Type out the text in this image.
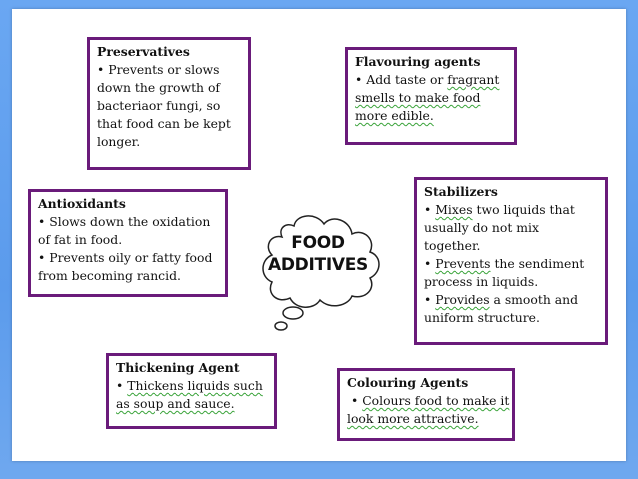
Preservatives
• Prevents or slows
down the growth of
bacteriaor fungi, so
that food can be kept
longer.
Flavouring agents
• Add taste or fragrant
smells to make food
more edible.
Antioxidants
• Slows down the oxidation
of fat in food.
• Prevents oily or fatty food
from becoming rancid.
Stabilizers
• Mixes two liquids that
usually do not mix
together.
• Prevents the sendiment
process in liquids.
• Provides a smooth and
uniform structure.
Thickening Agent
• Thickens liquids such
as soup and sauce.
Colouring Agents
• Colours food to make it
look more attractive.
FOOD
ADDITIVES
